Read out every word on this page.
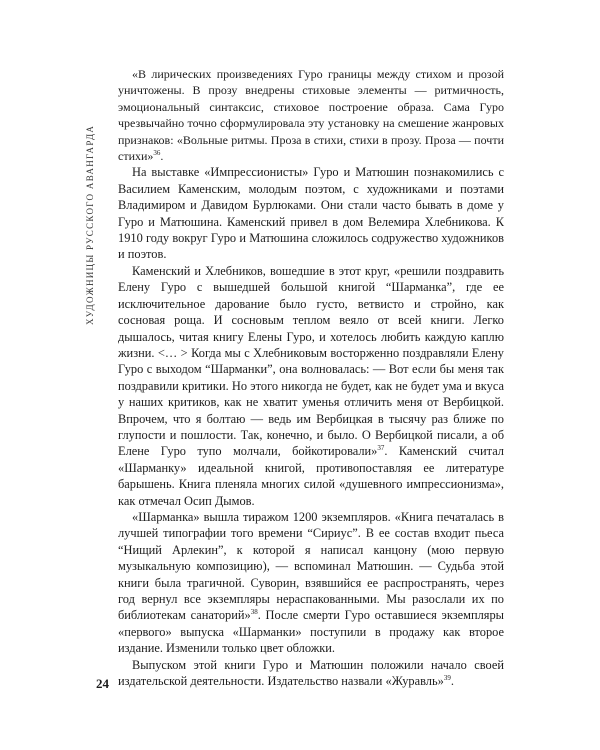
ХУДОЖНИЦЫ РУССКОГО АВАНГАРДА

«В лирических произведениях Гуро границы между стихом и прозой уничтожены. В прозу внедрены стиховые элементы — ритмичность, эмоциональный синтаксис, стиховое построение образа. Сама Гуро чрезвычайно точно сформулировала эту установку на смешение жанровых признаков: «Вольные ритмы. Проза в стихи, стихи в прозу. Проза — почти стихи»$^{36}$.

На выставке «Импрессионисты» Гуро и Матюшин познакомились с Василием Каменским, молодым поэтом, с художниками и поэтами Владимиром и Давидом Бурлюками. Они стали часто бывать в доме у Гуро и Матюшина. Каменский привел в дом Велемира Хлебникова. К 1910 году вокруг Гуро и Матюшина сложилось содружество художников и поэтов.

Каменский и Хлебников, вошедшие в этот круг, «решили поздравить Елену Гуро с вышедшей большой книгой “Шарманка”, где ее исключительное дарование было густо, ветвисто и стройно, как сосновая роща. И сосновым теплом веяло от всей книги. Легко дышалось, читая книгу Елены Гуро, и хотелось любить каждую каплю жизни. <… > Когда мы с Хлебниковым восторженно поздравляли Елену Гуро с выходом “Шарманки”, она волновалась: — Вот если бы меня так поздравили критики. Но этого никогда не будет, как не будет ума и вкуса у наших критиков, как не хватит уменья отличить меня от Вербицкой. Впрочем, что я болтаю — ведь им Вербицкая в тысячу раз ближе по глупости и пошлости. Так, конечно, и было. О Вербицкой писали, а об Елене Гуро тупо молчали, бойкотировали»$^{37}$. Каменский считал «Шарманку» идеальной книгой, противопоставляя ее литературе барышень. Книга пленяла многих силой «душевного импрессионизма», как отмечал Осип Дымов.

«Шарманка» вышла тиражом 1200 экземпляров. «Книга печаталась в лучшей типографии того времени “Сириус”. В ее состав входит пьеса “Нищий Арлекин”, к которой я написал канцону (мою первую музыкальную композицию), — вспоминал Матюшин. — Судьба этой книги была трагичной. Суворин, взявшийся ее распространять, через год вернул все экземпляры нераспакованными. Мы разослали их по библиотекам санаторий»$^{38}$. После смерти Гуро оставшиеся экземпляры «первого» выпуска «Шарманки» поступили в продажу как второе издание. Изменили только цвет обложки.

Выпуском этой книги Гуро и Матюшин положили начало своей издательской деятельности. Издательство назвали «Журавль»$^{39}$.

24
